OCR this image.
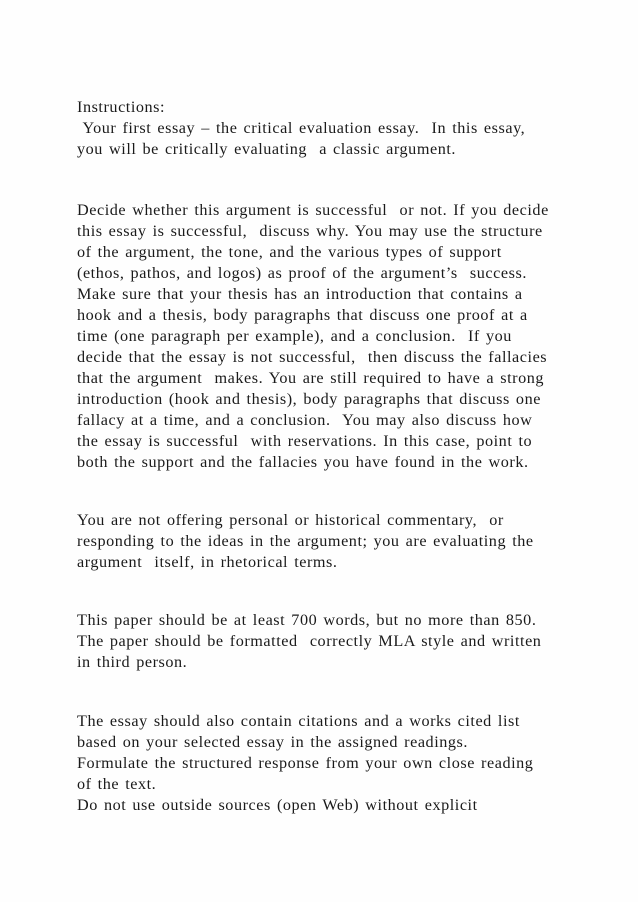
Instructions:
Your first essay – the critical evaluation essay.  In this essay,
you will be critically evaluating  a classic argument.
Decide whether this argument is successful  or not. If you decide
this essay is successful,  discuss why. You may use the structure
of the argument, the tone, and the various types of support
(ethos, pathos, and logos) as proof of the argument’s  success.
Make sure that your thesis has an introduction that contains a
hook and a thesis, body paragraphs that discuss one proof at a
time (one paragraph per example), and a conclusion.  If you
decide that the essay is not successful,  then discuss the fallacies
that the argument  makes. You are still required to have a strong
introduction (hook and thesis), body paragraphs that discuss one
fallacy at a time, and a conclusion.  You may also discuss how
the essay is successful  with reservations. In this case, point to
both the support and the fallacies you have found in the work.
You are not offering personal or historical commentary,  or
responding to the ideas in the argument; you are evaluating the
argument  itself, in rhetorical terms.
This paper should be at least 700 words, but no more than 850.
The paper should be formatted  correctly MLA style and written
in third person.
The essay should also contain citations and a works cited list
based on your selected essay in the assigned readings.
Formulate the structured response from your own close reading
of the text.
Do not use outside sources (open Web) without explicit
